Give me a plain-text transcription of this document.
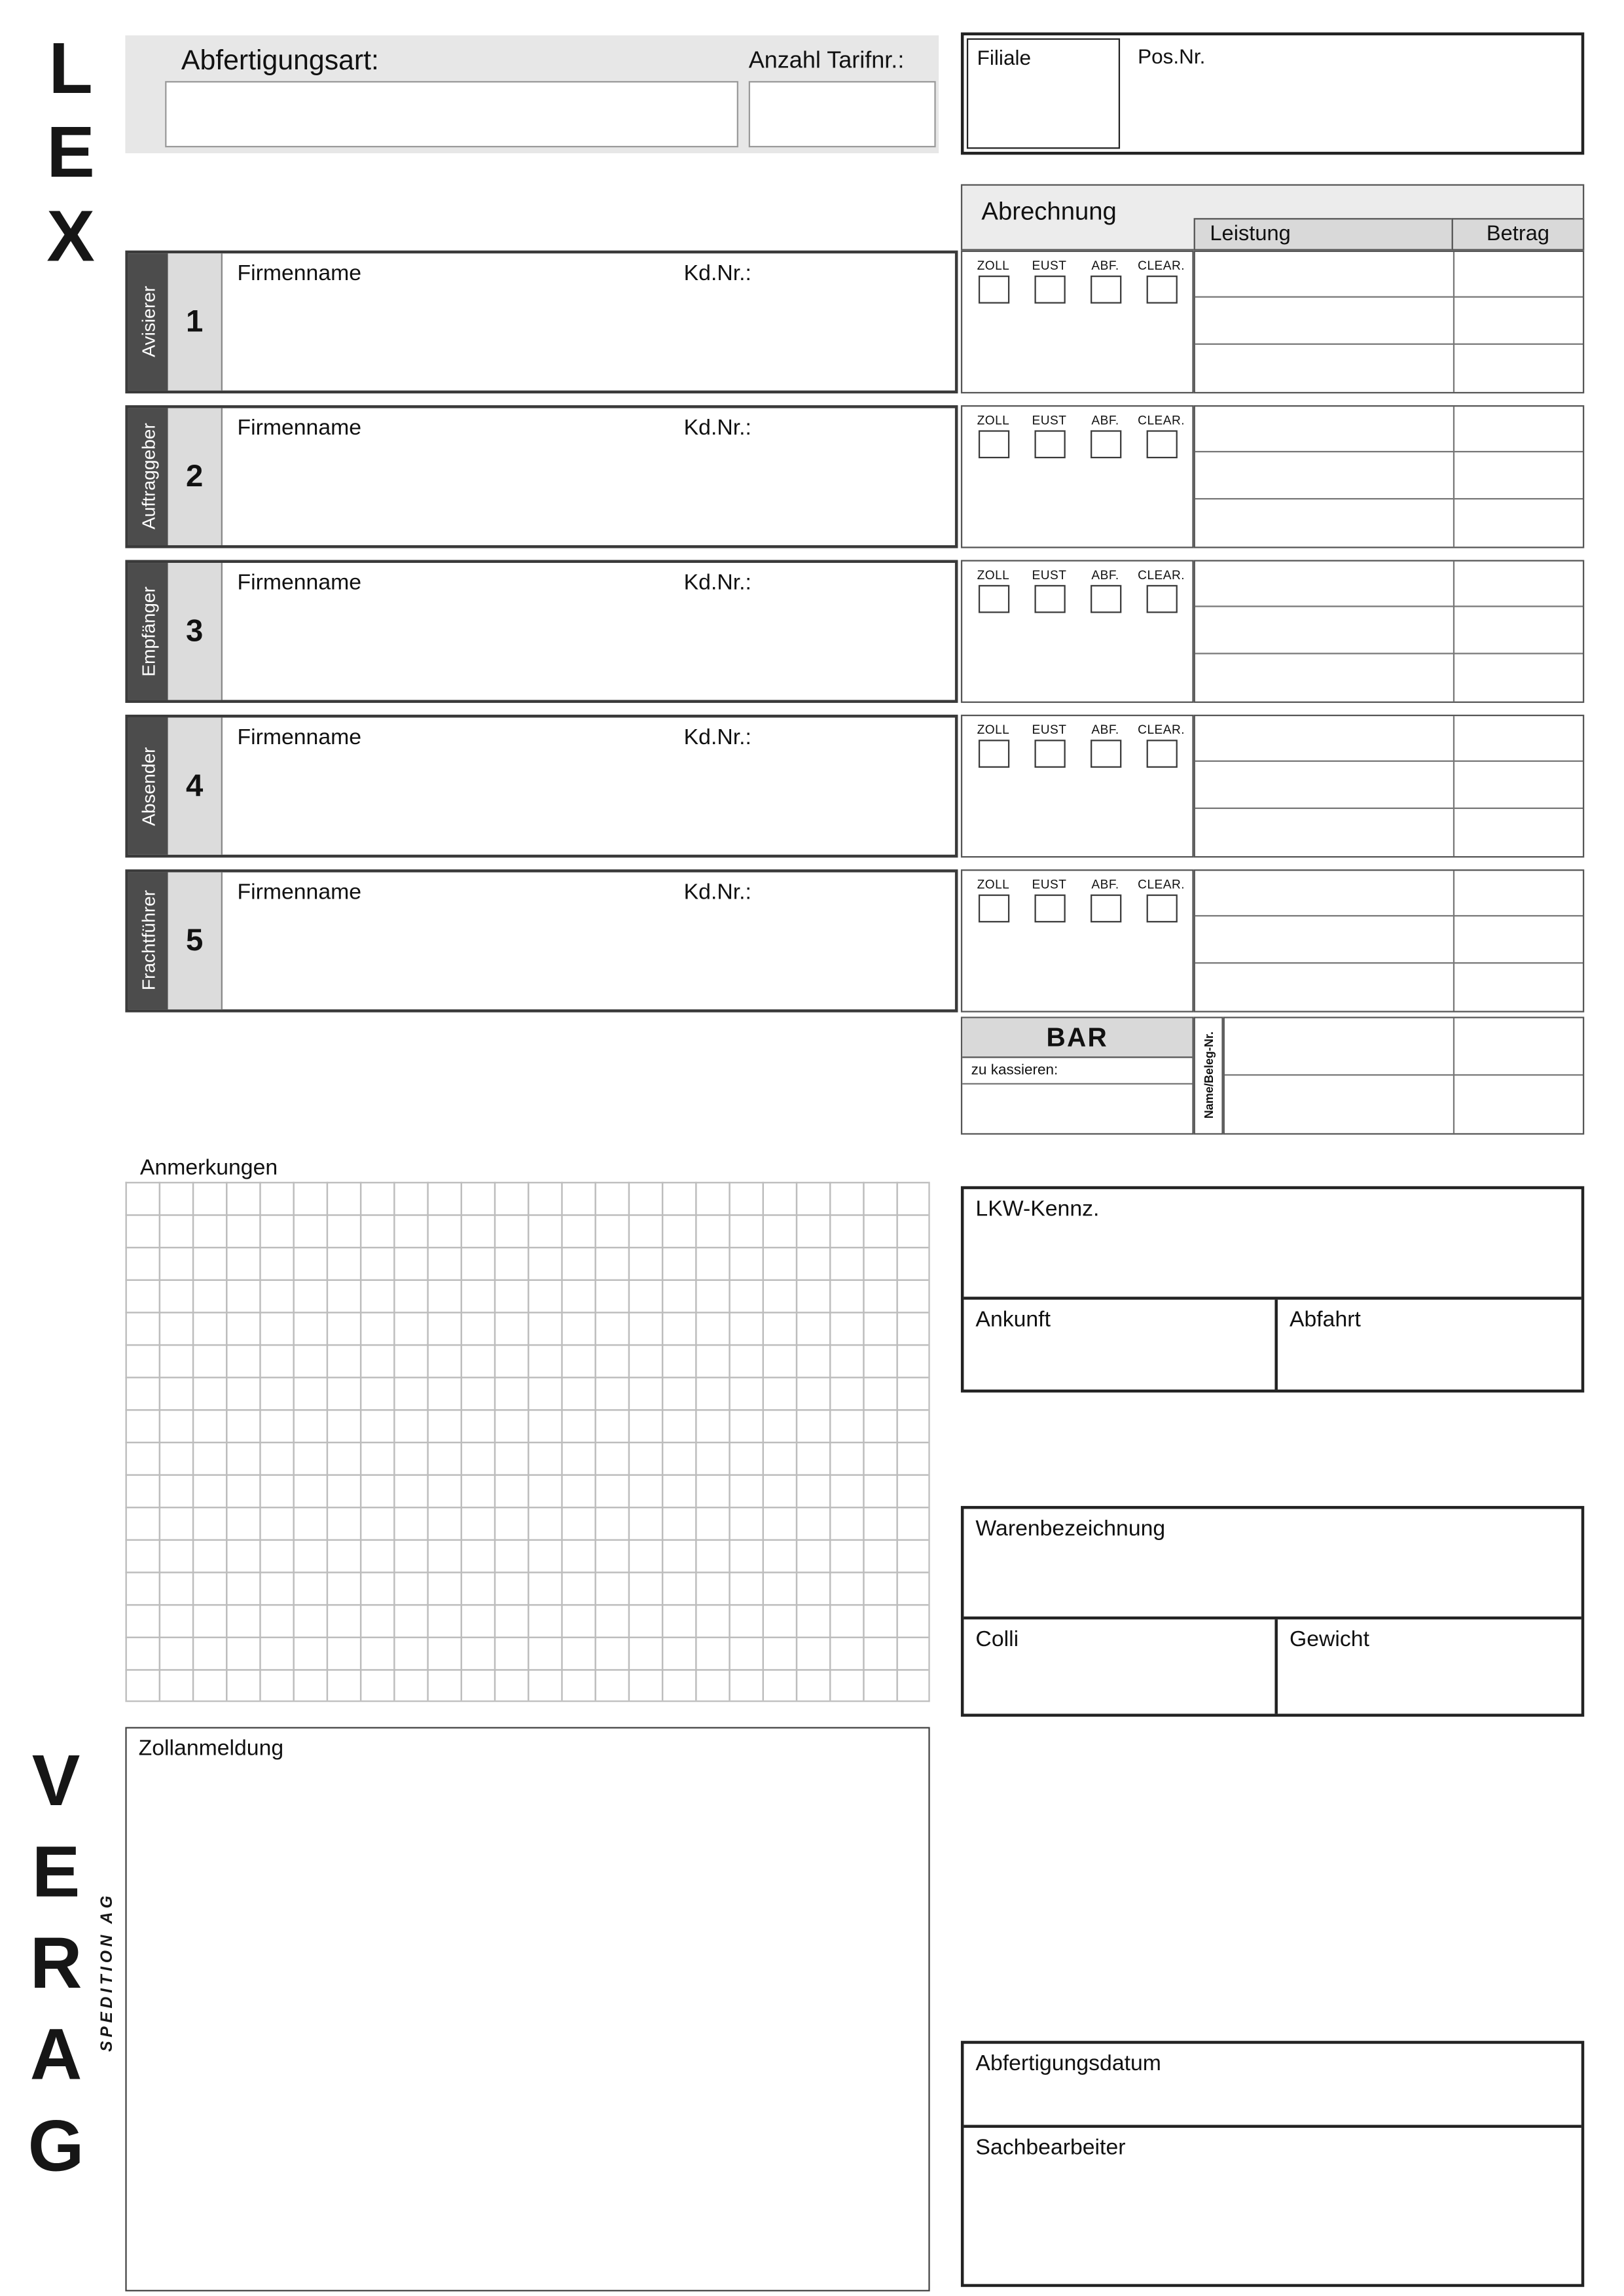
LEX
VERAG SPEDITION AG
Abfertigungsart:	Anzahl Tarifnr.:	Filiale	Pos.Nr.
Abrechnung
Leistung	Betrag
Avisierer	1
Firmenname	Kd.Nr.:	ZOLL	EUST	ABF.	CLEAR.
Auftraggeber	2
Firmenname	Kd.Nr.:	ZOLL	EUST	ABF.	CLEAR.
Empfänger	3
Firmenname	Kd.Nr.:	ZOLL	EUST	ABF.	CLEAR.
Absender	4
Firmenname	Kd.Nr.:	ZOLL	EUST	ABF.	CLEAR.
Frachtführer	5
Firmenname	Kd.Nr.:	ZOLL	EUST	ABF.	CLEAR.
BAR
zu kassieren:	Name/Beleg-Nr.
Anmerkungen
LKW-Kennz.
Ankunft	Abfahrt
Warenbezeichnung
Colli	Gewicht
Zollanmeldung
Abfertigungsdatum
Sachbearbeiter
